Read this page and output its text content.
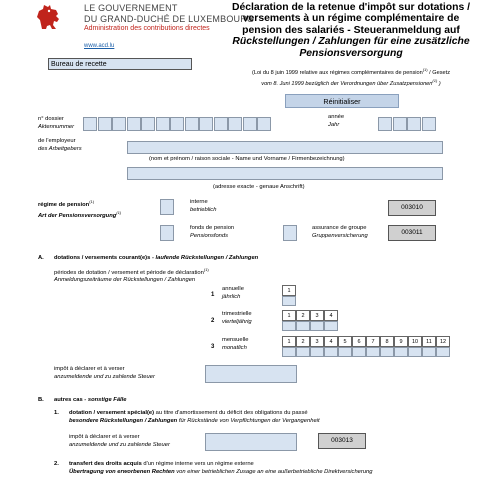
LE GOUVERNEMENT
DU GRAND-DUCHÉ DE LUXEMBOURG
Administration des contributions directes
www.acd.lu
Déclaration de la retenue d'impôt sur dotations /
versements à un régime complémentaire de
pension des salariés - Steueranmeldung auf
Rückstellungen / Zahlungen für eine zusätzliche
Pensionsversorgung
(Loi du 8 juin 1999 relative aux régimes complémentaires de pension$^{(1)}$ / Gesetz
vom 8. Juni 1999 bezüglich der Verordnungen über Zusatzpensionen$^{(1)}$ )
Bureau de recette
Réinitialiser
n° dossier
Aktennummer
année
Jahr
de l'employeur
des Arbeitgebers
(nom et prénom / raison sociale - Name und Vorname / Firmenbezeichnung)
(adresse exacte - genaue Anschrift)
régime de pension$^{(1)}$
Art der Pensionsversorgung$^{(1)}$
interne
betrieblich	003010
fonds de pension
Pensionsfonds
assurance de groupe
Gruppenversicherung	003011
A. dotations / versements courant(e)s - laufende Rückstellungen / Zahlungen
périodes de dotation / versement et période de déclaration$^{(1)}$
Anmeldungszeiträume der Rückstellungen / Zahlungen
1
annuelle
jährlich
1
2
trimestrielle
vierteljährig
1	2	3	4
3
mensuelle
monatlich
1	2	3	4	5	6	7	8	9	10	11	12
impôt à déclarer et à verser
anzumeldende und zu zahlende Steuer
B. autres cas - sonstige Fälle
1. dotation / versement spécial(e) au titre d'amortissement du déficit des obligations du passé
besondere Rückstellungen / Zahlungen für Rückstände von Verpflichtungen der Vergangenheit
impôt à déclarer et à verser
anzumeldende und zu zahlende Steuer
003013
2. transfert des droits acquis d'un régime interne vers un régime externe
Übertragung von erworbenen Rechten von einer betrieblichen Zusage an eine außerbetriebliche Direktversicherung
